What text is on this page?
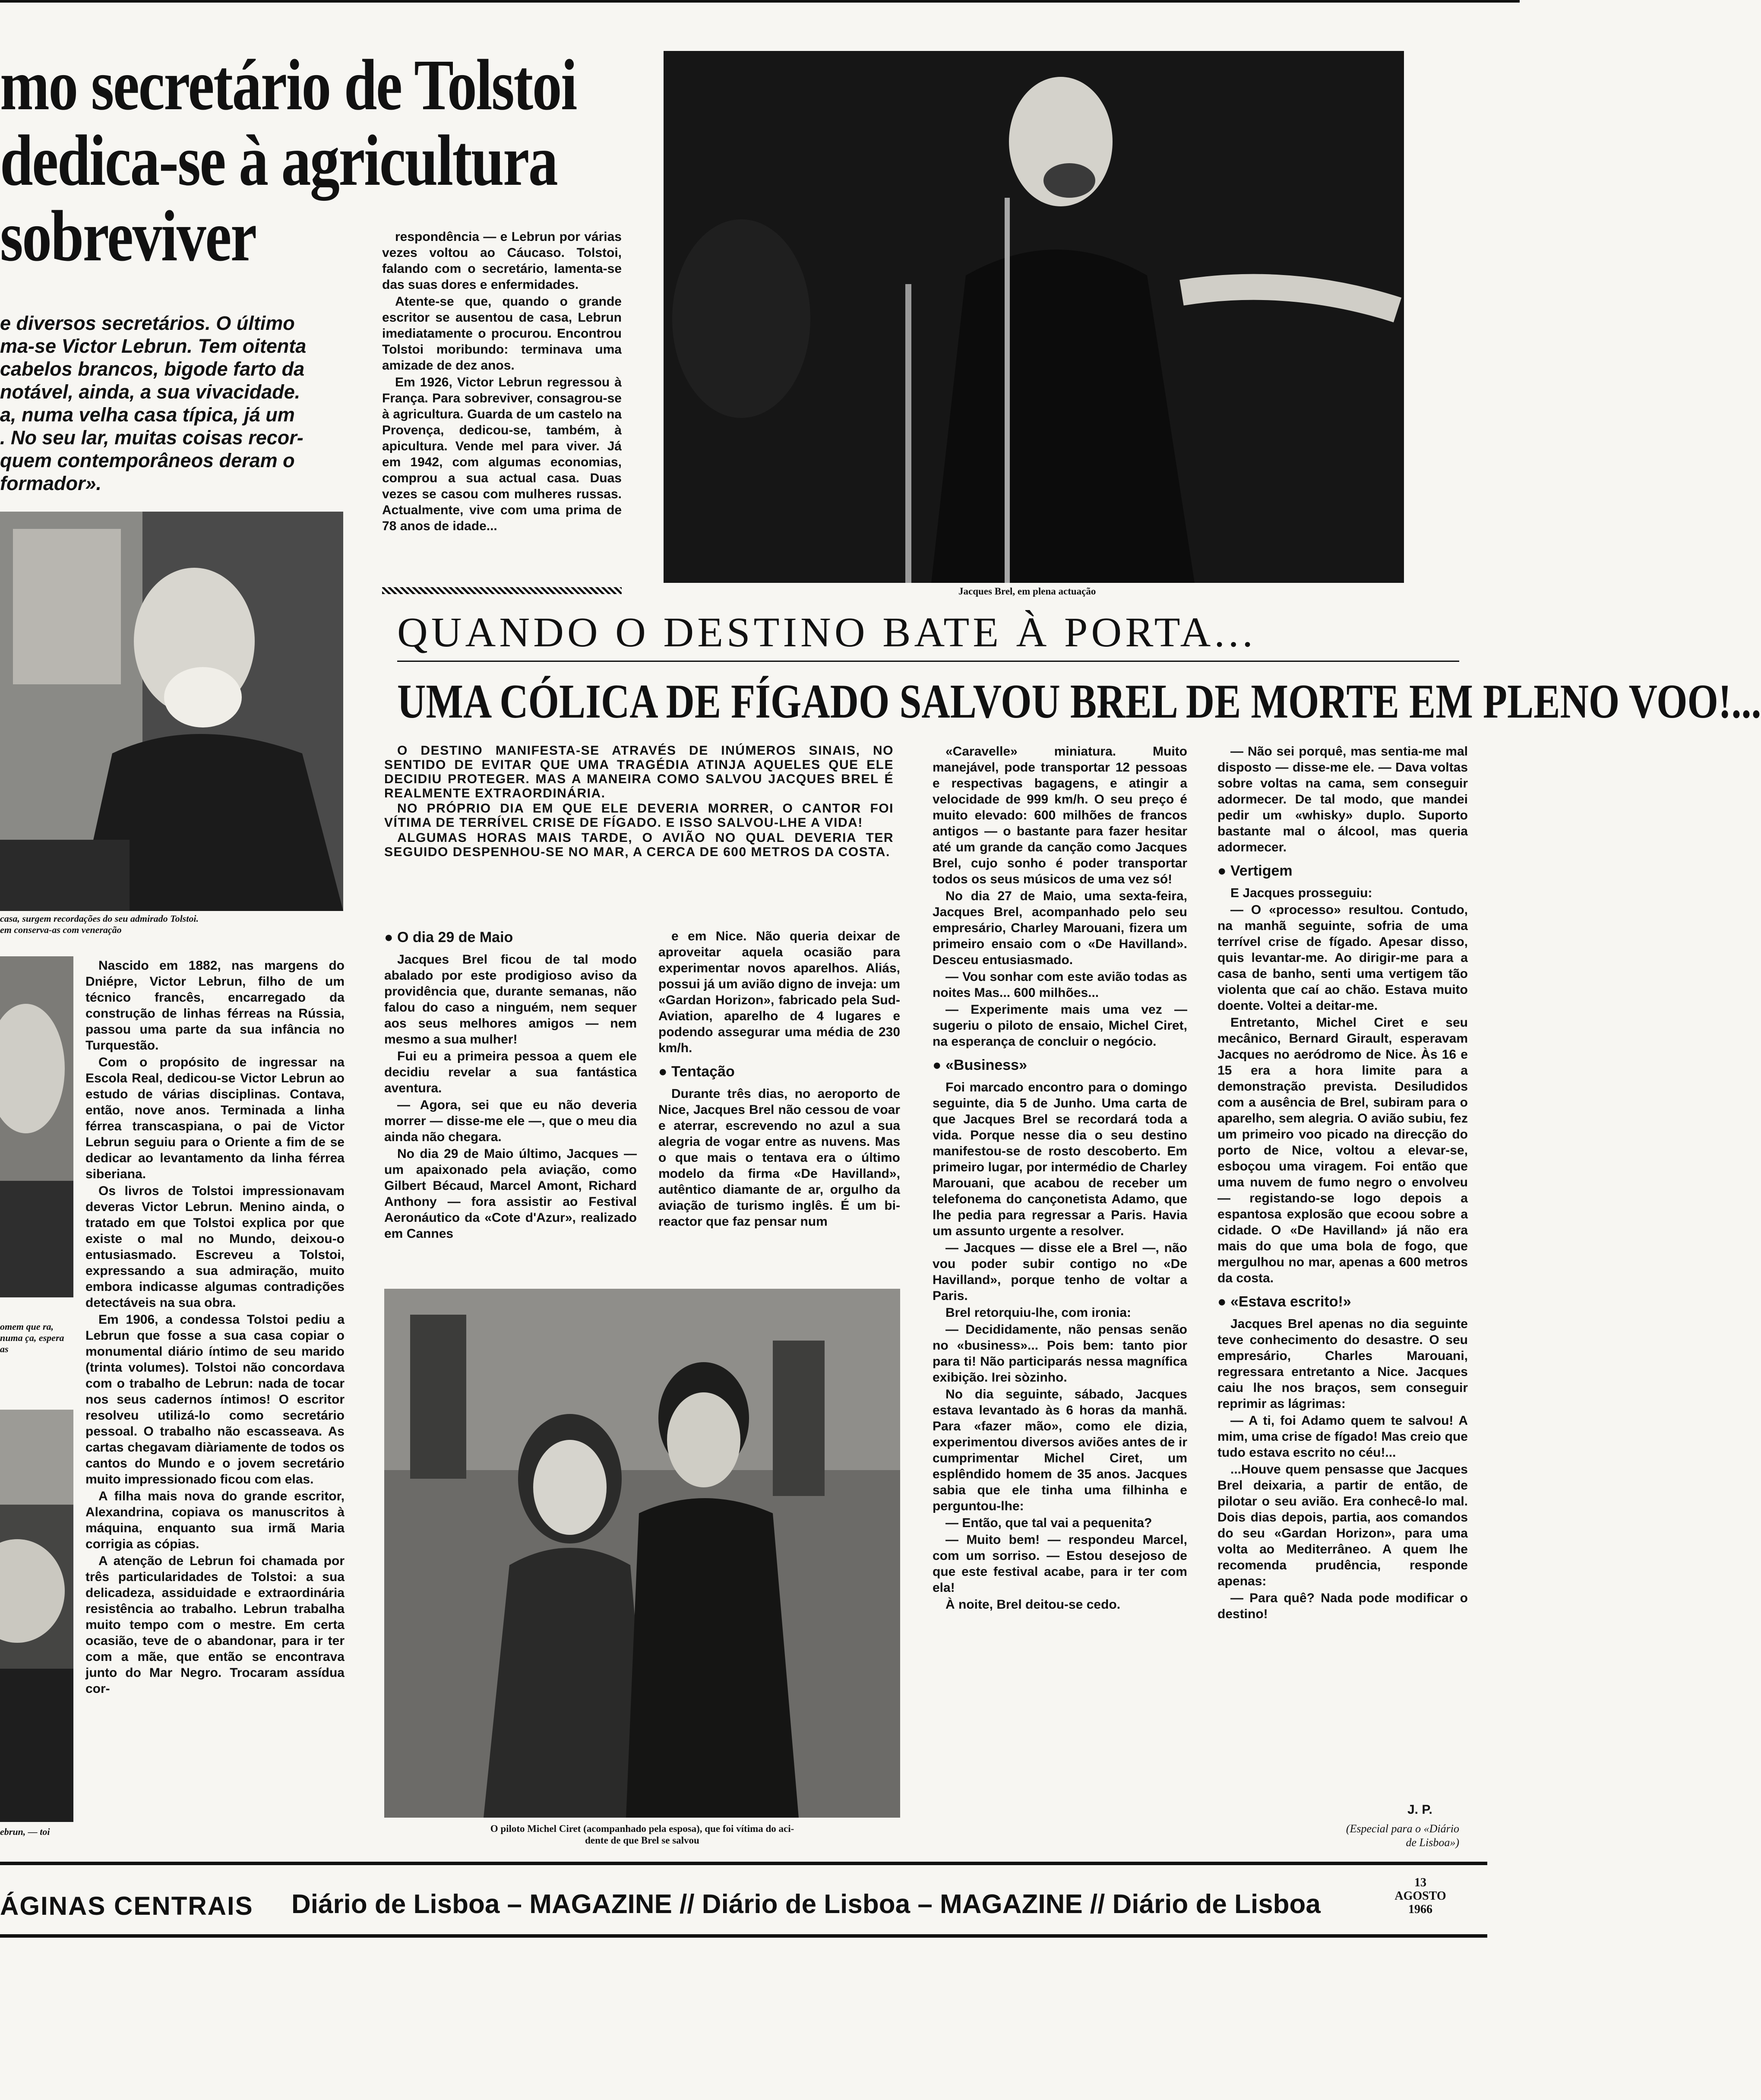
mo secretário de Tolstoi
dedica-se à agricultura
sobreviver
e diversos secretários. O último
ma-se Victor Lebrun. Tem oitenta
cabelos brancos, bigode farto da
notável, ainda, a sua vivacidade.
a, numa velha casa típica, já um
. No seu lar, muitas coisas recor-
quem contemporâneos deram o
formador».
casa, surgem recordações do seu admirado Tolstoi.
em conserva-as com veneração
omem que ra, numa ça, espera as
ebrun, — toi

Nascido em 1882, nas margens do Dniépre, Victor Lebrun, filho de um técnico francês, encarregado da construção de linhas férreas na Rússia, passou uma parte da sua infância no Turquestão.

Com o propósito de ingressar na Escola Real, dedicou-se Victor Lebrun ao estudo de várias disciplinas. Contava, então, nove anos. Terminada a linha férrea transcaspiana, o pai de Victor Lebrun seguiu para o Oriente a fim de se dedicar ao levantamento da linha férrea siberiana.

Os livros de Tolstoi impressionavam deveras Victor Lebrun. Menino ainda, o tratado em que Tolstoi explica por que existe o mal no Mundo, deixou-o entusiasmado. Escreveu a Tolstoi, expressando a sua admiração, muito embora indicasse algumas contradições detectáveis na sua obra.

Em 1906, a condessa Tolstoi pediu a Lebrun que fosse a sua casa copiar o monumental diário íntimo de seu marido (trinta volumes). Tolstoi não concordava com o trabalho de Lebrun: nada de tocar nos seus cadernos íntimos! O escritor resolveu utilizá-lo como secretário pessoal. O trabalho não escasseava. As cartas chegavam diàriamente de todos os cantos do Mundo e o jovem secretário muito impressionado ficou com elas.

A filha mais nova do grande escritor, Alexandrina, copiava os manuscritos à máquina, enquanto sua irmã Maria corrigia as cópias.

A atenção de Lebrun foi chamada por três particularidades de Tolstoi: a sua delicadeza, assiduidade e extraordinária resistência ao trabalho. Lebrun trabalha muito tempo com o mestre. Em certa ocasião, teve de o abandonar, para ir ter com a mãe, que então se encontrava junto do Mar Negro. Trocaram assídua cor-

respondência — e Lebrun por várias vezes voltou ao Cáucaso. Tolstoi, falando com o secretário, lamenta-se das suas dores e enfermidades.

Atente-se que, quando o grande escritor se ausentou de casa, Lebrun imediatamente o procurou. Encontrou Tolstoi moribundo: terminava uma amizade de dez anos.

Em 1926, Victor Lebrun regressou à França. Para sobreviver, consagrou-se à agricultura. Guarda de um castelo na Provença, dedicou-se, também, à apicultura. Vende mel para viver. Já em 1942, com algumas economias, comprou a sua actual casa. Duas vezes se casou com mulheres russas. Actualmente, vive com uma prima de 78 anos de idade...

Jacques Brel, em plena actuação
QUANDO O DESTINO BATE À PORTA...
UMA CÓLICA DE FÍGADO SALVOU BREL DE MORTE EM PLENO VOO!...

O DESTINO MANIFESTA-SE ATRAVÉS DE INÚMEROS SINAIS, NO SENTIDO DE EVITAR QUE UMA TRAGÉDIA ATINJA AQUELES QUE ELE DECIDIU PROTEGER. MAS A MANEIRA COMO SALVOU JACQUES BREL É REALMENTE EXTRAORDINÁRIA.

NO PRÓPRIO DIA EM QUE ELE DEVERIA MORRER, O CANTOR FOI VÍTIMA DE TERRÍVEL CRISE DE FÍGADO. E ISSO SALVOU-LHE A VIDA!

ALGUMAS HORAS MAIS TARDE, O AVIÃO NO QUAL DEVERIA TER SEGUIDO DESPENHOU-SE NO MAR, A CERCA DE 600 METROS DA COSTA.

● O dia 29 de Maio

Jacques Brel ficou de tal modo abalado por este prodigioso aviso da providência que, durante semanas, não falou do caso a ninguém, nem sequer aos seus melhores amigos — nem mesmo a sua mulher!

Fui eu a primeira pessoa a quem ele decidiu revelar a sua fantástica aventura.

— Agora, sei que eu não deveria morrer — disse-me ele —, que o meu dia ainda não chegara.

No dia 29 de Maio último, Jacques — um apaixonado pela aviação, como Gilbert Bécaud, Marcel Amont, Richard Anthony — fora assistir ao Festival Aeronáutico da «Cote d'Azur», realizado em Cannes

e em Nice. Não queria deixar de aproveitar aquela ocasião para experimentar novos aparelhos. Aliás, possui já um avião digno de inveja: um «Gardan Horizon», fabricado pela Sud-Aviation, aparelho de 4 lugares e podendo assegurar uma média de 230 km/h.

● Tentação

Durante três dias, no aeroporto de Nice, Jacques Brel não cessou de voar e aterrar, escrevendo no azul a sua alegria de vogar entre as nuvens. Mas o que mais o tentava era o último modelo da firma «De Havilland», autêntico diamante de ar, orgulho da aviação de turismo inglês. É um bi-reactor que faz pensar num

«Caravelle» miniatura. Muito manejável, pode transportar 12 pessoas e respectivas bagagens, e atingir a velocidade de 999 km/h. O seu preço é muito elevado: 600 milhões de francos antigos — o bastante para fazer hesitar até um grande da canção como Jacques Brel, cujo sonho é poder transportar todos os seus músicos de uma vez só!

No dia 27 de Maio, uma sexta-feira, Jacques Brel, acompanhado pelo seu empresário, Charley Marouani, fizera um primeiro ensaio com o «De Havilland». Desceu entusiasmado.

— Vou sonhar com este avião todas as noites Mas... 600 milhões...

— Experimente mais uma vez — sugeriu o piloto de ensaio, Michel Ciret, na esperança de concluir o negócio.

● «Business»

Foi marcado encontro para o domingo seguinte, dia 5 de Junho. Uma carta de que Jacques Brel se recordará toda a vida. Porque nesse dia o seu destino manifestou-se de rosto descoberto. Em primeiro lugar, por intermédio de Charley Marouani, que acabou de receber um telefonema do cançonetista Adamo, que lhe pedia para regressar a Paris. Havia um assunto urgente a resolver.

— Jacques — disse ele a Brel —, não vou poder subir contigo no «De Havilland», porque tenho de voltar a Paris.

Brel retorquiu-lhe, com ironia:

— Decididamente, não pensas senão no «business»... Pois bem: tanto pior para ti! Não participarás nessa magnífica exibição. Irei sòzinho.

No dia seguinte, sábado, Jacques estava levantado às 6 horas da manhã. Para «fazer mão», como ele dizia, experimentou diversos aviões antes de ir cumprimentar Michel Ciret, um esplêndido homem de 35 anos. Jacques sabia que ele tinha uma filhinha e perguntou-lhe:

— Então, que tal vai a pequenita?

— Muito bem! — respondeu Marcel, com um sorriso. — Estou desejoso de que este festival acabe, para ir ter com ela!

À noite, Brel deitou-se cedo.

— Não sei porquê, mas sentia-me mal disposto — disse-me ele. — Dava voltas sobre voltas na cama, sem conseguir adormecer. De tal modo, que mandei pedir um «whisky» duplo. Suporto bastante mal o álcool, mas queria adormecer.

● Vertigem

E Jacques prosseguiu:

— O «processo» resultou. Contudo, na manhã seguinte, sofria de uma terrível crise de fígado. Apesar disso, quis levantar-me. Ao dirigir-me para a casa de banho, senti uma vertigem tão violenta que caí ao chão. Estava muito doente. Voltei a deitar-me.

Entretanto, Michel Ciret e seu mecânico, Bernard Girault, esperavam Jacques no aeródromo de Nice. Às 16 e 15 era a hora limite para a demonstração prevista. Desiludidos com a ausência de Brel, subiram para o aparelho, sem alegria. O avião subiu, fez um primeiro voo picado na direcção do porto de Nice, voltou a elevar-se, esboçou uma viragem. Foi então que uma nuvem de fumo negro o envolveu — registando-se logo depois a espantosa explosão que ecoou sobre a cidade. O «De Havilland» já não era mais do que uma bola de fogo, que mergulhou no mar, apenas a 600 metros da costa.

● «Estava escrito!»

Jacques Brel apenas no dia seguinte teve conhecimento do desastre. O seu empresário, Charles Marouani, regressara entretanto a Nice. Jacques caiu lhe nos braços, sem conseguir reprimir as lágrimas:

— A ti, foi Adamo quem te salvou! A mim, uma crise de fígado! Mas creio que tudo estava escrito no céu!...

...Houve quem pensasse que Jacques Brel deixaria, a partir de então, de pilotar o seu avião. Era conhecê-lo mal. Dois dias depois, partia, aos comandos do seu «Gardan Horizon», para uma volta ao Mediterrâneo. A quem lhe recomenda prudência, responde apenas:

— Para quê? Nada pode modificar o destino!

J. P.
(Especial para o «Diário
de Lisboa»)
O piloto Michel Ciret (acompanhado pela esposa), que foi vítima do aci-
dente de que Brel se salvou
ÁGINAS CENTRAIS Diário de Lisboa – MAGAZINE // Diário de Lisboa – MAGAZINE // Diário de Lisboa
13
AGOSTO
1966
